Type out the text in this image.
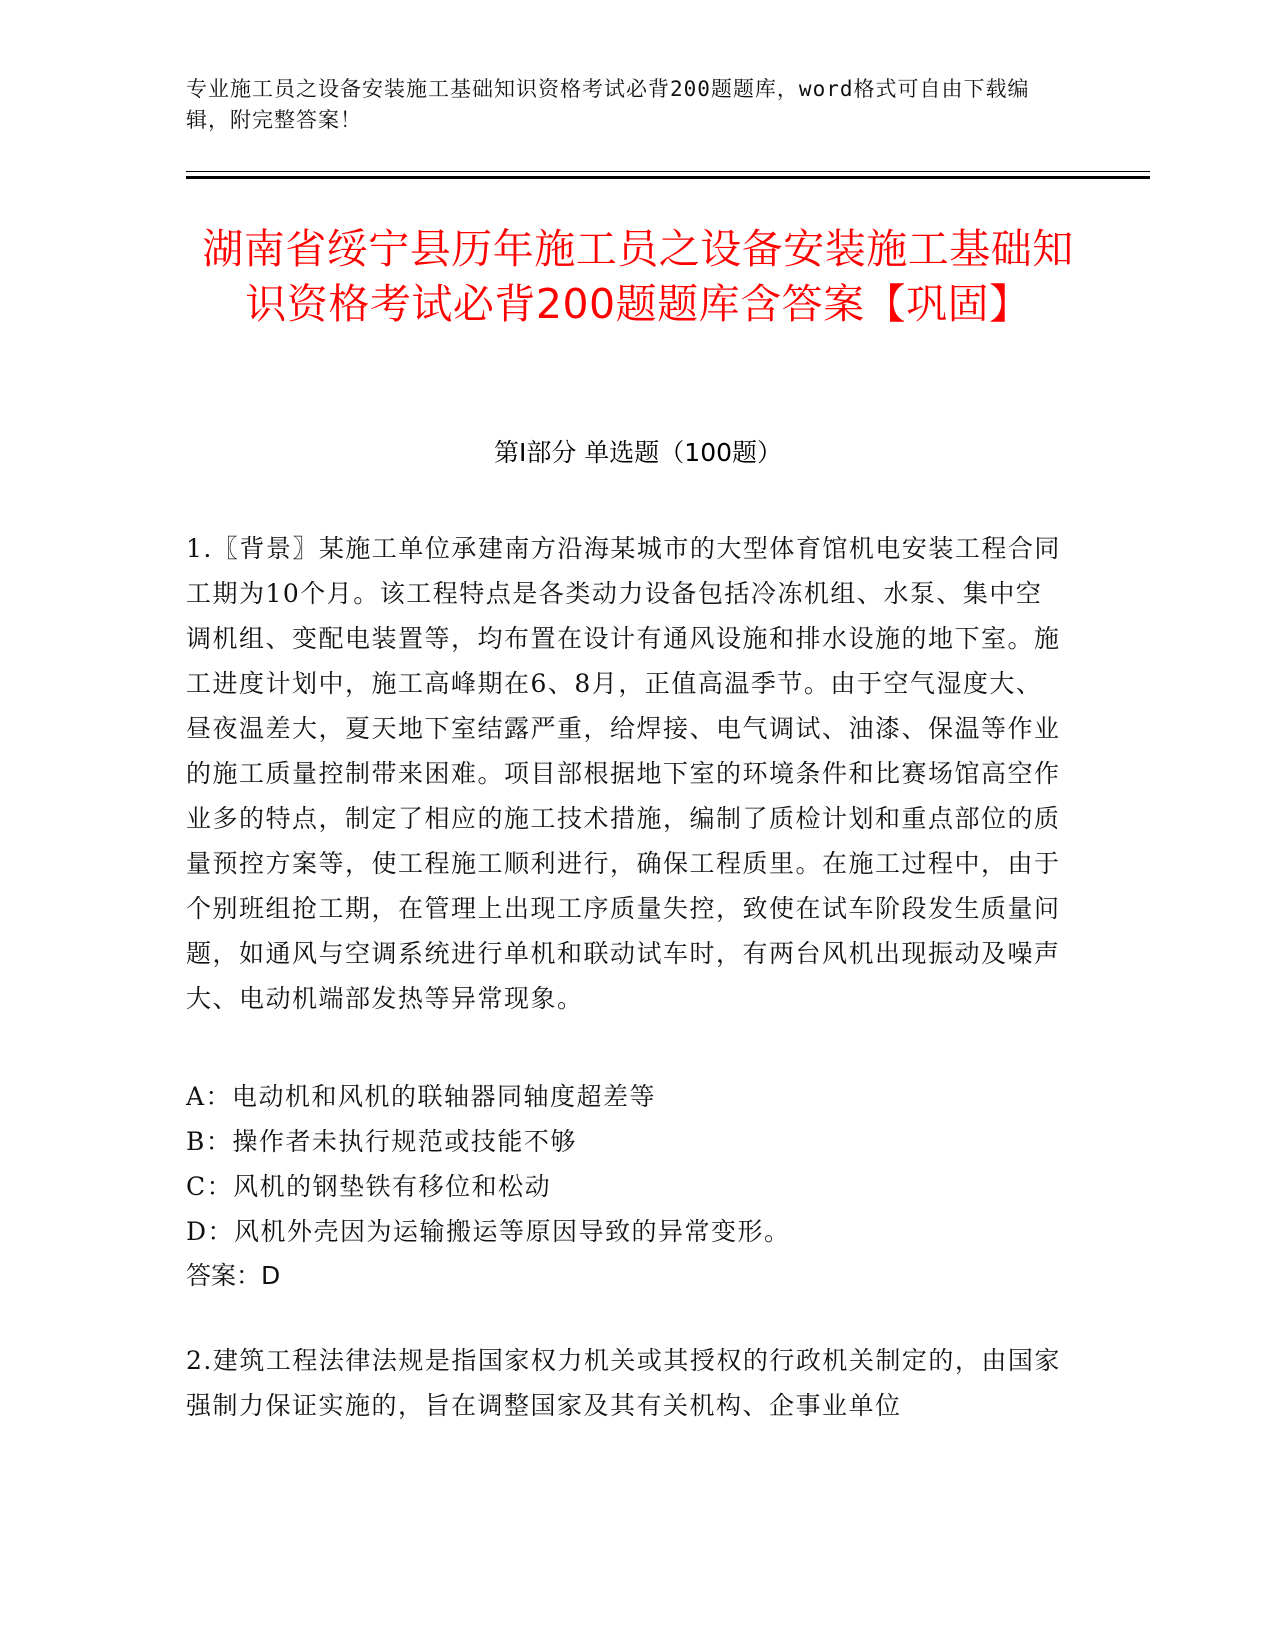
专业施工员之设备安装施工基础知识资格考试必背200题题库，word格式可自由下载编辑，附完整答案！
湖南省绥宁县历年施工员之设备安装施工基础知识资格考试必背200题题库含答案【巩固】
第Ⅰ部分 单选题（100题）

1.〖背景〗某施工单位承建南方沿海某城市的大型体育馆机电安装工程合同工期为10个月。该工程特点是各类动力设备包括冷冻机组、水泵、集中空调机组、变配电装置等，均布置在设计有通风设施和排水设施的地下室。施工进度计划中，施工高峰期在6、8月，正值高温季节。由于空气湿度大、昼夜温差大，夏天地下室结露严重，给焊接、电气调试、油漆、保温等作业的施工质量控制带来困难。项目部根据地下室的环境条件和比赛场馆高空作业多的特点，制定了相应的施工技术措施，编制了质检计划和重点部位的质量预控方案等，使工程施工顺利进行，确保工程质里。在施工过程中，由于个别班组抢工期，在管理上出现工序质量失控，致使在试车阶段发生质量问题，如通风与空调系统进行单机和联动试车时，有两台风机出现振动及噪声大、电动机端部发热等异常现象。

A：电动机和风机的联轴器同轴度超差等
B：操作者未执行规范或技能不够
C：风机的钢垫铁有移位和松动
D：风机外壳因为运输搬运等原因导致的异常变形。
答案：D

2.建筑工程法律法规是指国家权力机关或其授权的行政机关制定的，由国家强制力保证实施的，旨在调整国家及其有关机构、企事业单位
